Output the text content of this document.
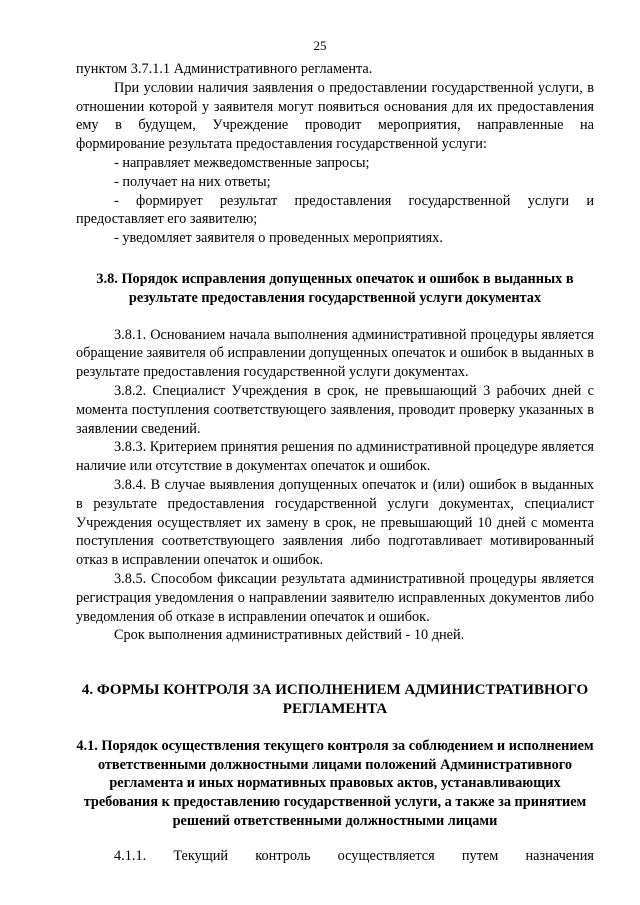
25

пунктом 3.7.1.1 Административного регламента.

При условии наличия заявления о предоставлении государственной услуги, в отношении которой у заявителя могут появиться основания для их предоставления ему в будущем, Учреждение проводит мероприятия, направленные на формирование результата предоставления государственной услуги:

- направляет межведомственные запросы;

- получает на них ответы;

- формирует результат предоставления государственной услуги и предоставляет его заявителю;

- уведомляет заявителя о проведенных мероприятиях.

3.8. Порядок исправления допущенных опечаток и ошибок в выданных в результате предоставления государственной услуги документах

3.8.1. Основанием начала выполнения административной процедуры является обращение заявителя об исправлении допущенных опечаток и ошибок в выданных в результате предоставления государственной услуги документах.

3.8.2. Специалист Учреждения в срок, не превышающий 3 рабочих дней с момента поступления соответствующего заявления, проводит проверку указанных в заявлении сведений.

3.8.3. Критерием принятия решения по административной процедуре является наличие или отсутствие в документах опечаток и ошибок.

3.8.4. В случае выявления допущенных опечаток и (или) ошибок в выданных в результате предоставления государственной услуги документах, специалист Учреждения осуществляет их замену в срок, не превышающий 10 дней с момента поступления соответствующего заявления либо подготавливает мотивированный отказ в исправлении опечаток и ошибок.

3.8.5. Способом фиксации результата административной процедуры является регистрация уведомления о направлении заявителю исправленных документов либо уведомления об отказе в исправлении опечаток и ошибок.

Срок выполнения административных действий - 10 дней.

4. ФОРМЫ КОНТРОЛЯ ЗА ИСПОЛНЕНИЕМ АДМИНИСТРАТИВНОГО РЕГЛАМЕНТА

4.1. Порядок осуществления текущего контроля за соблюдением и исполнением ответственными должностными лицами положений Административного регламента и иных нормативных правовых актов, устанавливающих требования к предоставлению государственной услуги, а также за принятием решений ответственными должностными лицами

4.1.1. Текущий контроль осуществляется путем назначения
